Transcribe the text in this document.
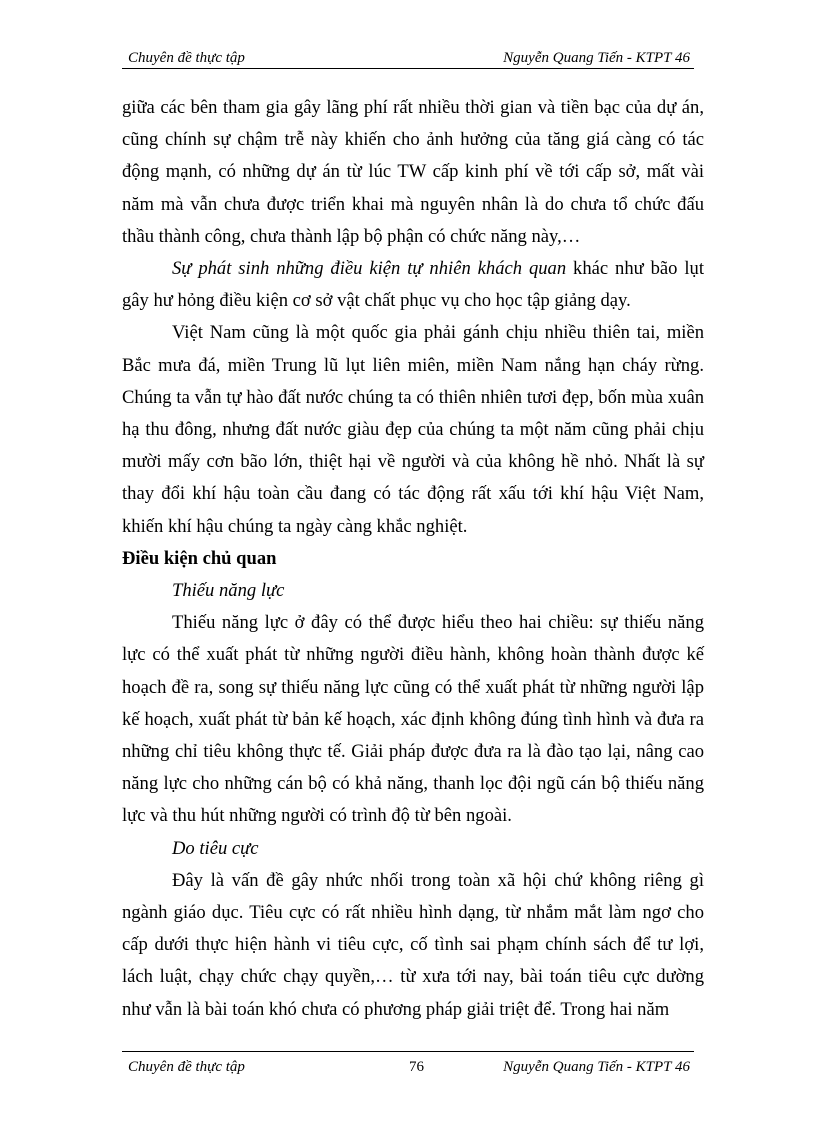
Chuyên đề thực tập	Nguyễn Quang Tiến - KTPT 46

giữa các bên tham gia gây lãng phí rất nhiều thời gian và tiền bạc của dự án, cũng chính sự chậm trễ này khiến cho ảnh hưởng của tăng giá càng có tác động mạnh, có những dự án từ lúc TW cấp kinh phí về tới cấp sở, mất vài năm mà vẫn chưa được triển khai mà nguyên nhân là do chưa tổ chức đấu thầu thành công, chưa thành lập bộ phận có chức năng này,…

Sự phát sinh những điều kiện tự nhiên khách quan khác như bão lụt gây hư hỏng điều kiện cơ sở vật chất phục vụ cho học tập giảng dạy.

Việt Nam cũng là một quốc gia phải gánh chịu nhiều thiên tai, miền Bắc mưa đá, miền Trung lũ lụt liên miên, miền Nam nắng hạn cháy rừng. Chúng ta vẫn tự hào đất nước chúng ta có thiên nhiên tươi đẹp, bốn mùa xuân hạ thu đông, nhưng đất nước giàu đẹp của chúng ta một năm cũng phải chịu mười mấy cơn bão lớn, thiệt hại về người và của không hề nhỏ. Nhất là sự thay đổi khí hậu toàn cầu đang có tác động rất xấu tới khí hậu Việt Nam, khiến khí hậu chúng ta ngày càng khắc nghiệt.

Điều kiện chủ quan

Thiếu năng lực

Thiếu năng lực ở đây có thể được hiểu theo hai chiều: sự thiếu năng lực có thể xuất phát từ những người điều hành, không hoàn thành được kế hoạch đề ra, song sự thiếu năng lực cũng có thể xuất phát từ những người lập kế hoạch, xuất phát từ bản kế hoạch, xác định không đúng tình hình và đưa ra những chỉ tiêu không thực tế. Giải pháp được đưa ra là đào tạo lại, nâng cao năng lực cho những cán bộ có khả năng, thanh lọc đội ngũ cán bộ thiếu năng lực và thu hút những người có trình độ từ bên ngoài.

Do tiêu cực

Đây là vấn đề gây nhức nhối trong toàn xã hội chứ không riêng gì ngành giáo dục. Tiêu cực có rất nhiều hình dạng, từ nhắm mắt làm ngơ cho cấp dưới thực hiện hành vi tiêu cực, cố tình sai phạm chính sách để tư lợi, lách luật, chạy chức chạy quyền,… từ xưa tới nay, bài toán tiêu cực dường như vẫn là bài toán khó chưa có phương pháp giải triệt để. Trong hai năm

Chuyên đề thực tập	76	Nguyễn Quang Tiến - KTPT 46
